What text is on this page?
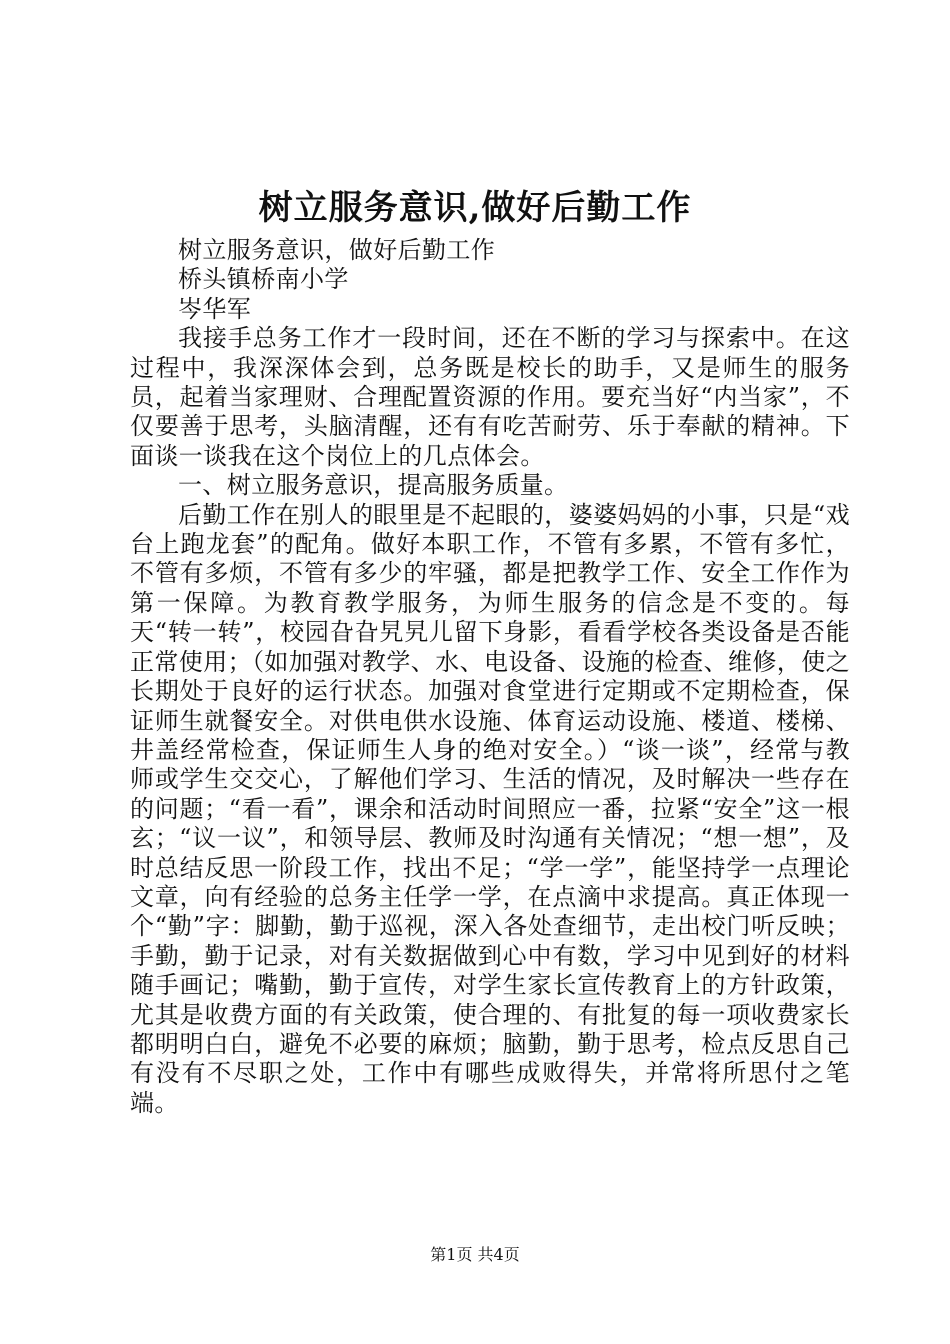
树立服务意识,做好后勤工作

树立服务意识，做好后勤工作

桥头镇桥南小学

岑华军

我接手总务工作才一段时间，还在不断的学习与探索中。在这过程中，我深深体会到，总务既是校长的助手，又是师生的服务员，起着当家理财、合理配置资源的作用。要充当好“内当家”，不仅要善于思考，头脑清醒，还有有吃苦耐劳、乐于奉献的精神。下面谈一谈我在这个岗位上的几点体会。

一、树立服务意识，提高服务质量。

后勤工作在别人的眼里是不起眼的，婆婆妈妈的小事，只是“戏台上跑龙套”的配角。做好本职工作，不管有多累，不管有多忙，不管有多烦，不管有多少的牢骚，都是把教学工作、安全工作作为第一保障。为教育教学服务，为师生服务的信念是不变的。每天“转一转”，校园旮旮旯旯儿留下身影，看看学校各类设备是否能正常使用；（如加强对教学、水、电设备、设施的检查、维修，使之长期处于良好的运行状态。加强对食堂进行定期或不定期检查，保证师生就餐安全。对供电供水设施、体育运动设施、楼道、楼梯、井盖经常检查，保证师生人身的绝对安全。）“谈一谈”，经常与教师或学生交交心，了解他们学习、生活的情况，及时解决一些存在的问题；“看一看”，课余和活动时间照应一番，拉紧“安全”这一根玄；“议一议”，和领导层、教师及时沟通有关情况；“想一想”，及时总结反思一阶段工作，找出不足；“学一学”，能坚持学一点理论文章，向有经验的总务主任学一学，在点滴中求提高。真正体现一个“勤”字：脚勤，勤于巡视，深入各处查细节，走出校门听反映；手勤，勤于记录，对有关数据做到心中有数，学习中见到好的材料随手画记；嘴勤，勤于宣传，对学生家长宣传教育上的方针政策，尤其是收费方面的有关政策，使合理的、有批复的每一项收费家长都明明白白，避免不必要的麻烦；脑勤，勤于思考，检点反思自己有没有不尽职之处，工作中有哪些成败得失，并常将所思付之笔端。

第1页 共4页
